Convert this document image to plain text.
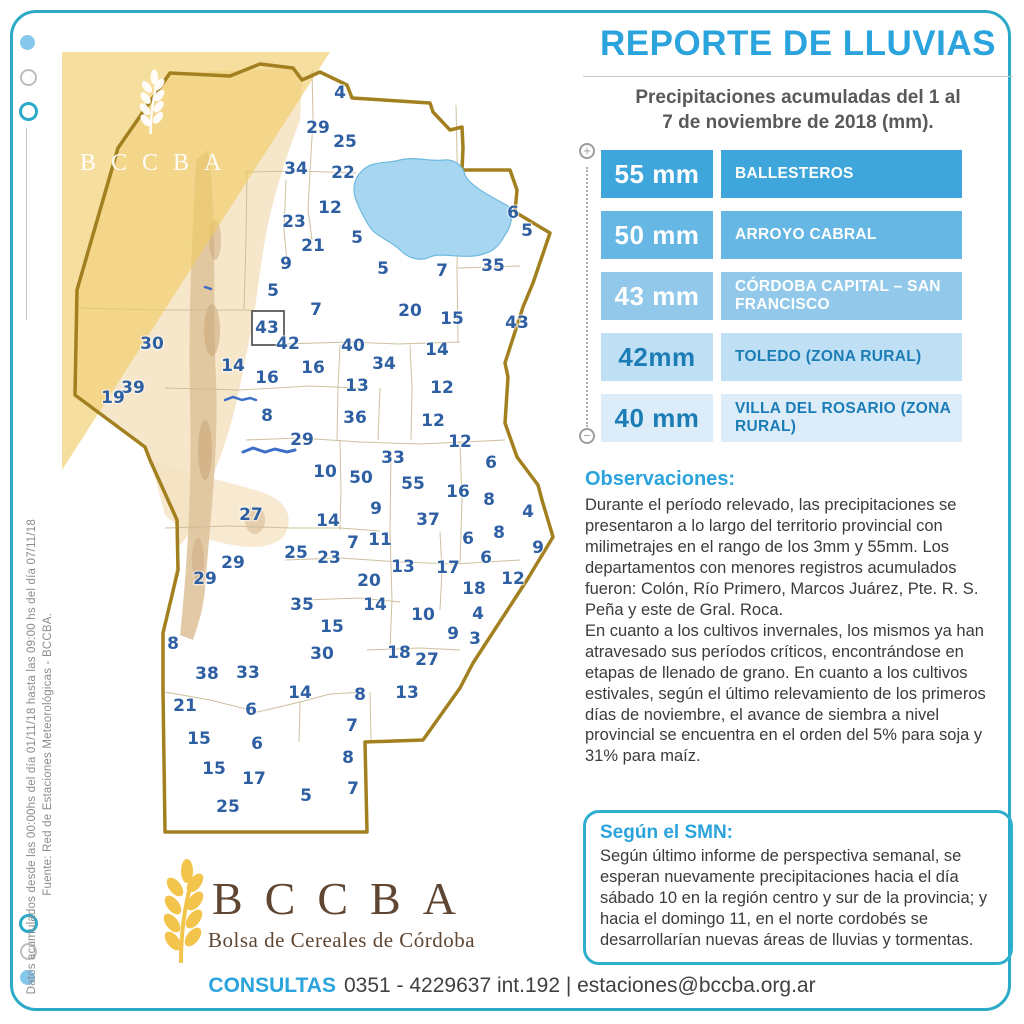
Fuente: Red de Estaciones Meteorológicas - BCCBA.
Datos acumulados desde las 00:00hs del día 01/11/18 hasta las 09:00 hs del día 07/11/18
BCCBA
4
29
25
34 22
12
23
5
21
9	5	7 35
6
5
5
7
43
42
30
14
16 16
39
19
20 15 43
40	14
34
13	12
8	36
29
12
12
6
33
10 50 55 16 8
4
9
37
27	14
8
6	9
6
7 11
25 23	13 17
20
29
29
14
35
12
18
15
10 4
9 3
30	18
8
27
38 33
21
14 8 13
6
7
15 6
8
15 17	7
5
25
BCCBA
Bolsa de Cereales de Córdoba
REPORTE DE LLUVIAS
Precipitaciones acumuladas del 1 al
7 de noviembre de 2018 (mm).
+
−
55 mm	BALLESTEROS
50 mm	ARROYO CABRAL
43 mm	CÓRDOBA CAPITAL – SAN FRANCISCO
42mm	TOLEDO (ZONA RURAL)
40 mm	VILLA DEL ROSARIO (ZONA RURAL)
Observaciones:

Durante el período relevado, las precipitaciones se presentaron a lo largo del territorio provincial con milimetrajes en el rango de los 3mm y 55mm. Los departamentos con menores registros acumulados fueron: Colón, Río Primero, Marcos Juárez, Pte. R. S. Peña y este de Gral. Roca.

En cuanto a los cultivos invernales, los mismos ya han atravesado sus períodos críticos, encontrándose en etapas de llenado de grano. En cuanto a los cultivos estivales, según el último relevamiento de los primeros días de noviembre, el avance de siembra a nivel provincial se encuentra en el orden del 5% para soja y 31% para maíz.

Según el SMN:

Según último informe de perspectiva semanal, se esperan nuevamente precipitaciones hacia el día sábado 10 en la región centro y sur de la provincia; y hacia el domingo 11, en el norte cordobés se desarrollarían nuevas áreas de lluvias y tormentas.

CONSULTAS 0351 - 4229637 int.192 | estaciones@bccba.org.ar
